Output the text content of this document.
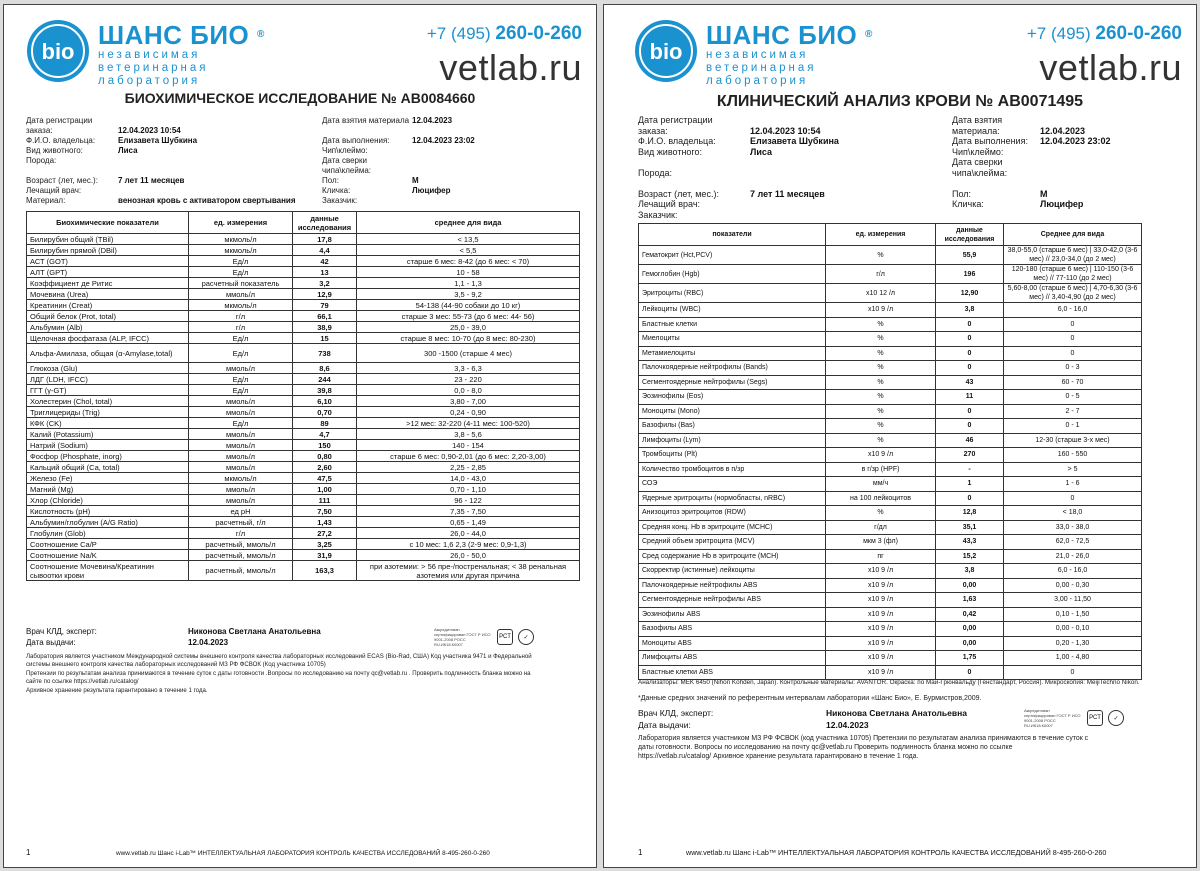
bio
ШАНС БИО ®
независимая
ветеринарная
лаборатория
+7 (495) 260-0-260
vetlab.ru
БИОХИМИЧЕСКОЕ ИССЛЕДОВАНИЕ № АВ0084660
Дата регистрации
заказа:	12.04.2023 10:54
Ф.И.О. владельца:	Елизавета Шубкина
Вид животного:	Лиса
Порода:
Возраст (лет, мес.):	7 лет 11 месяцев
Лечащий врач:
Материал:	венозная кровь с активатором свертывания
Дата взятия материала 12.04.2023
Дата выполнения:	12.04.2023 23:02
Чип\клеймо:
Дата сверки
чипа\клейма:
Пол:	М
Кличка:	Люцифер
Заказчик:
Биохимические показатели	ед. измерения	данные исследования	среднее для вида
Билирубин общий (TBil)	мкмоль/л	17,8	< 13,5
Билирубин прямой (DBil)	мкмоль/л	4,4	< 5,5
АСТ (GOT)	Ед/л	42	старше 6 мес: 8-42 (до 6 мес: < 70)
АЛТ (GPT)	Ед/л	13	10 - 58
Коэффициент де Ритис	расчетный показатель	3,2	1,1 - 1,3
Мочевина (Urea)	ммоль/л	12,9	3,5 - 9,2
Креатинин (Creat)	мкмоль/л	79	54-138 (44-90 собаки до 10 кг)
Общий белок (Prot, total)	г/л	66,1	старше 3 мес: 55-73 (до 6 мес: 44- 56)
Альбумин (Alb)	г/л	38,9	25,0 - 39,0
Щелочная фосфатаза (ALP, IFCC)	Ед/л	15	старше 8 мес: 10-70 (до 8 мес: 80-230)
Альфа-Амилаза, общая (α-Amylase,total)	Ед/л	738	300 -1500 (старше 4 мес)
Глюкоза (Glu)	ммоль/л	8,6	3,3 - 6,3
ЛДГ (LDH, IFCC)	Ед/л	244	23 - 220
ГГТ (γ-GT)	Ед/л	39,8	0,0 - 8,0
Холестерин (Chol, total)	ммоль/л	6,10	3,80 - 7,00
Триглицериды (Trig)	ммоль/л	0,70	0,24 - 0,90
КФК (CK)	Ед/л	89	>12 мес: 32-220 (4-11 мес: 100-520)
Калий (Potassium)	ммоль/л	4,7	3,8 - 5,6
Натрий (Sodium)	ммоль/л	150	140 - 154
Фосфор (Phosphate, inorg)	ммоль/л	0,80	старше 6 мес: 0,90-2,01 (до 6 мес: 2,20-3,00)
Кальций общий (Ca, total)	ммоль/л	2,60	2,25 - 2,85
Железо (Fe)	мкмоль/л	47,5	14,0 - 43,0
Магний (Mg)	ммоль/л	1,00	0,70 - 1,10
Хлор (Chloride)	ммоль/л	111	96 - 122
Кислотность (pH)	ед pH	7,50	7,35 - 7,50
Альбумин/глобулин (A/G Ratio)	расчетный, г/л	1,43	0,65 - 1,49
Глобулин (Glob)	г/л	27,2	26,0 - 44,0
Соотношение Ca/P	расчетный, ммоль/л	3,25	с 10 мес: 1,6 2,3 (2-9 мес: 0,9-1,3)
Соотношение Na/K	расчетный, ммоль/л	31,9	26,0 - 50,0
Соотношение Мочевина/Креатинин сывоотки крови	расчетный, ммоль/л	163,3	при азотемии: > 56 пре-/постренальная; < 38 ренальная азотемия или другая причина
Врач КЛД, эксперт:	Никонова Светлана Анатольевна
Дата выдачи:	12.04.2023
Аккредитован сертифицирован ГОСТ Р ИСО 9001-2008 РОСС RU.ИК18.К0007
РСТ	✓
Лаборатория является участником Международной системы внешнего контроля качества лабораторных исследований ECAS (Bio-Rad, США) Код участника 9471 и Федеральной
системы внешнего контроля качества лабораторных исследований МЗ РФ ФСВОК (Код участника 10705)
Претензии по результатам анализа принимаются в течение суток с даты готовности .Вопросы по исследованию на почту qc@vetlab.ru . Проверить подлинность бланка можно на
сайте по ссылке https://vetlab.ru/catalog/
Архивное хранение результата гарантировано в течение 1 года.
1	www.vetlab.ru Шанс i-Lab™ ИНТЕЛЛЕКТУАЛЬНАЯ ЛАБОРАТОРИЯ КОНТРОЛЬ КАЧЕСТВА ИССЛЕДОВАНИЙ 8-495-260-0-260
bio
ШАНС БИО ®
независимая
ветеринарная
лаборатория
+7 (495) 260-0-260
vetlab.ru
КЛИНИЧЕСКИЙ АНАЛИЗ КРОВИ № АВ0071495
Дата регистрации
заказа:	12.04.2023 10:54
Ф.И.О. владельца:	Елизавета Шубкина
Вид животного:	Лиса
Порода:
Возраст (лет, мес.):	7 лет 11 месяцев
Лечащий врач:
Заказчик:
Дата взятия
материала:	12.04.2023
Дата выполнения:	12.04.2023 23:02
Чип\клеймо:
Дата сверки
чипа\клейма:
Пол:	М
Кличка:	Люцифер
показатели	ед. измерения	данные исследования	Среднее для вида
Гематокрит (Hct,PCV)	%	55,9	38,0-55,0 (старше 6 мес) | 33,0-42,0 (3-6 мес) // 23,0-34,0 (до 2 мес)
Гемоглобин (Hgb)	г/л	196	120-180 (старше 6 мес) | 110-150 (3-6 мес) // 77-110 (до 2 мес)
Эритроциты (RBC)	х10 12 /л	12,90	5,60-8,00 (старше 6 мес) | 4,70-6,30 (3-6 мес) // 3,40-4,90 (до 2 мес)
Лейкоциты (WBC)	х10 9 /л	3,8	6,0 - 16,0
Бластные клетки	%	0	0
Миелоциты	%	0	0
Метамиелоциты	%	0	0
Палочкоядерные нейтрофилы (Bands)	%	0	0 - 3
Сегментоядерные нейтрофилы (Segs)	%	43	60 - 70
Эозинофилы (Eos)	%	11	0 - 5
Моноциты (Mono)	%	0	2 - 7
Базофилы (Bas)	%	0	0 - 1
Лимфоциты (Lym)	%	46	12-30 (старше 3-х мес)
Тромбоциты (Plt)	х10 9 /л	270	160 - 550
Количество тромбоцитов в п/зр	в г/зр (HPF)	-	> 5
СОЭ	мм/ч	1	1 - 6
Ядерные эритроциты (нормобласты, nRBC)	на 100 лейкоцитов	0	0
Анизоцитоз эритроцитов (RDW)	%	12,8	< 18,0
Средняя конц. Hb в эритроците (МСНС)	г/дл	35,1	33,0 - 38,0
Средний объем эритроцита (MCV)	мкм 3 (фл)	43,3	62,0 - 72,5
Сред содержание Hb в эритроците (МСН)	пг	15,2	21,0 - 26,0
Скорректир (истинные) лейкоциты	х10 9 /л	3,8	6,0 - 16,0
Палочкоядерные нейтрофилы ABS	х10 9 /л	0,00	0,00 - 0,30
Сегментоядерные нейтрофилы ABS	х10 9 /л	1,63	3,00 - 11,50
Эозинофилы ABS	х10 9 /л	0,42	0,10 - 1,50
Базофилы ABS	х10 9 /л	0,00	0,00 - 0,10
Моноциты ABS	х10 9 /л	0,00	0,20 - 1,30
Лимфоциты ABS	х10 9 /л	1,75	1,00 - 4,80
Бластные клетки ABS	х10 9 /л	0	0
Анализаторы: MEK 6450 (Nihon Kohden, Japan). Контрольные материалы: AVANTOR. Окраска: по Май-Грюнвальду (Генстандарт, Россия). Микроскопия: MeijiTechno Nikon.
*Данные средних значений по референтным интервалам лаборатории «Шанс Био», Е. Бурмистров,2009.
Врач КЛД, эксперт:	Никонова Светлана Анатольевна
Дата выдачи:	12.04.2023
Аккредитован сертифицирован ГОСТ Р ИСО 9001-2008 РОСС RU.ИК18.К0007
РСТ	✓
Лаборатория является участником МЗ РФ ФСВОК (код участника 10705) Претензии по результатам анализа принимаются в течение суток с
даты готовности. Вопросы по исследованию на почту qc@vetlab.ru Проверить подлинность бланка можно по ссылке
https://vetlab.ru/catalog/ Архивное хранение результата гарантировано в течение 1 года.
1	www.vetlab.ru Шанс i-Lab™ ИНТЕЛЛЕКТУАЛЬНАЯ ЛАБОРАТОРИЯ КОНТРОЛЬ КАЧЕСТВА ИССЛЕДОВАНИЙ 8-495-260-0-260
